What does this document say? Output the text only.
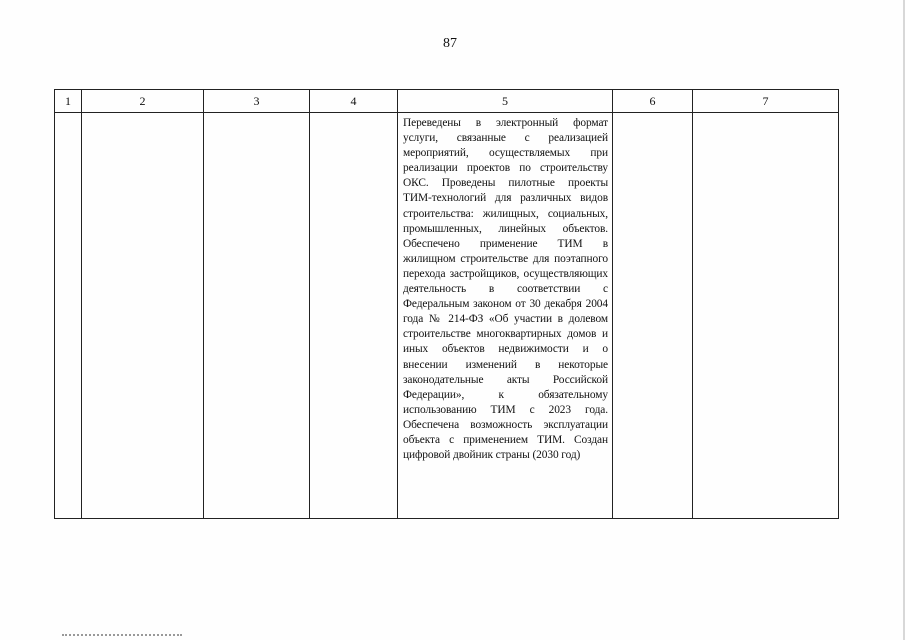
87
1	2	3	4	5	6	7

				Переведены в электронный формат услуги, связанные с реализацией мероприятий, осуществляемых при реализации проектов по строительству ОКС. Проведены пилотные проекты ТИМ-технологий для различных видов строительства: жилищных, социальных, промышленных, линейных объектов. Обеспечено применение ТИМ в жилищном строительстве для поэтапного перехода застройщиков, осуществляющих деятельность в соответствии с Федеральным законом от 30 декабря 2004 года № 214-ФЗ «Об участии в долевом строительстве многоквартирных домов и иных объектов недвижимости и о внесении изменений в некоторые законодательные акты Российской Федерации», к обязательному использованию ТИМ с 2023 года. Обеспечена возможность эксплуатации объекта с применением ТИМ. Создан цифровой двойник страны (2030 год)		
